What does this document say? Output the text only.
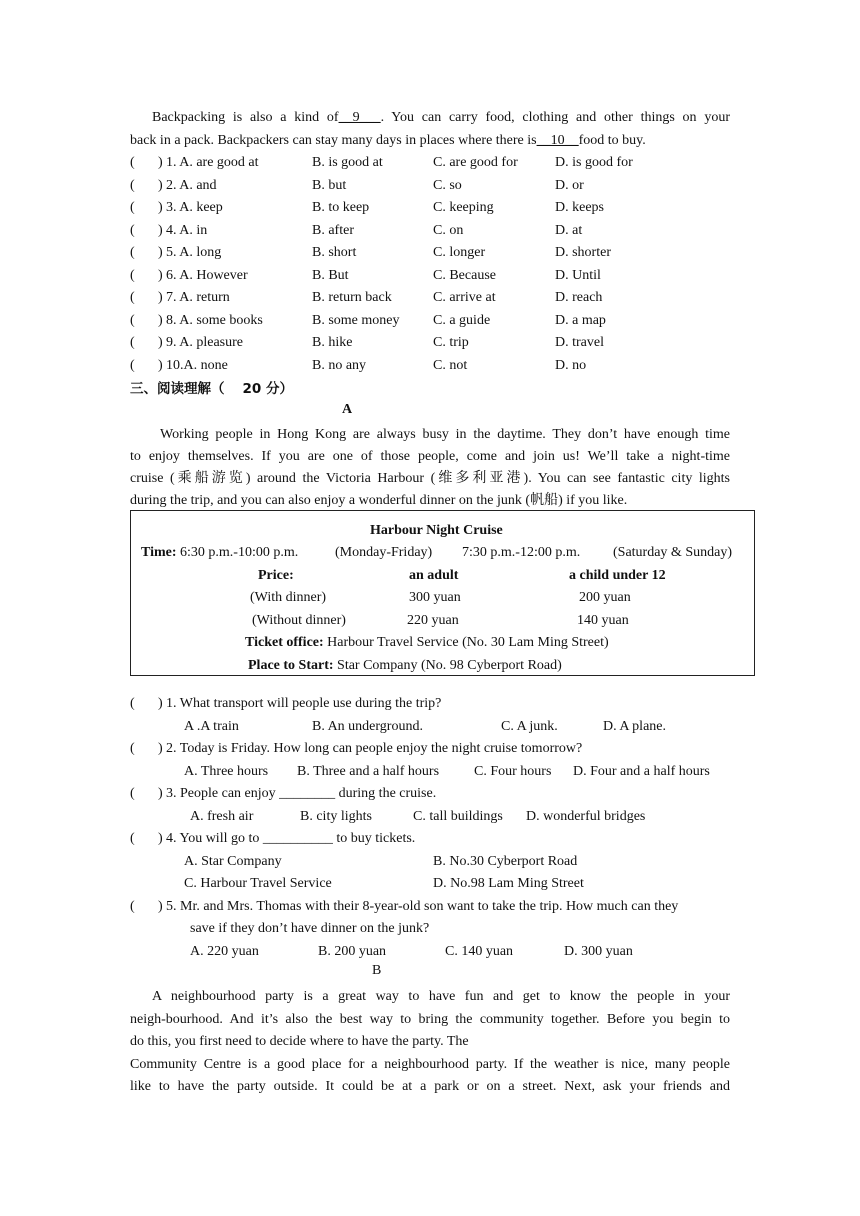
Backpacking is also a kind of__9___. You can carry food, clothing and other things on your
back in a pack. Backpackers can stay many days in places where there is__10__food to buy.
( ) 1. A. are good at	B. is good at	C. are good for	D. is good for
( ) 2. A. and	B. but	C. so	D. or
( ) 3. A. keep	B. to keep	C. keeping	D. keeps
( ) 4. A. in	B. after	C. on	D. at
( ) 5. A. long	B. short	C. longer	D. shorter
( ) 6. A. However	B. But	C. Because	D. Until
( ) 7. A. return	B. return back	C. arrive at	D. reach
( ) 8. A. some books	B. some money C. a guide	D. a map
( ) 9. A. pleasure	B. hike	C. trip	D. travel
( ) 10.A. none	B. no any	C. not	D. no
三、阅读理解（ 20 分）
A
Working people in Hong Kong are always busy in the daytime. They don’t have enough time
to enjoy themselves. If you are one of those people, come and join us! We’ll take a night-time
cruise (乘船游览) around the Victoria Harbour (维多利亚港). You can see fantastic city lights
during the trip, and you can also enjoy a wonderful dinner on the junk (帆船) if you like.
Harbour Night Cruise
Time: 6:30 p.m.-10:00 p.m.	(Monday-Friday) 7:30 p.m.-12:00 p.m. (Saturday & Sunday)
Price:	an adult	a child under 12
(With dinner)	300 yuan	200 yuan
(Without dinner)	220 yuan	140 yuan
Ticket office: Harbour Travel Service (No. 30 Lam Ming Street)
Place to Start: Star Company (No. 98 Cyberport Road)
( ) 1. What transport will people use during the trip?
A .A train	B. An underground.	C. A junk.	D. A plane.
( ) 2. Today is Friday. How long can people enjoy the night cruise tomorrow?
A. Three hours B. Three and a half hours C. Four hours D. Four and a half hours
( ) 3. People can enjoy ________ during the cruise.
A. fresh air	B. city lights	C. tall buildings D. wonderful bridges
( ) 4. You will go to __________ to buy tickets.
A. Star Company	B. No.30 Cyberport Road
C. Harbour Travel Service	D. No.98 Lam Ming Street
( ) 5. Mr. and Mrs. Thomas with their 8-year-old son want to take the trip. How much can they
save if they don’t have dinner on the junk?
A. 220 yuan	B. 200 yuan	C. 140 yuan	D. 300 yuan
B
A neighbourhood party is a great way to have fun and get to know the people in your
neigh-bourhood. And it’s also the best way to bring the community together. Before you begin to
do this, you first need to decide where to have the party. The
Community Centre is a good place for a neighbourhood party. If the weather is nice, many people
like to have the party outside. It could be at a park or on a street. Next, ask your friends and
